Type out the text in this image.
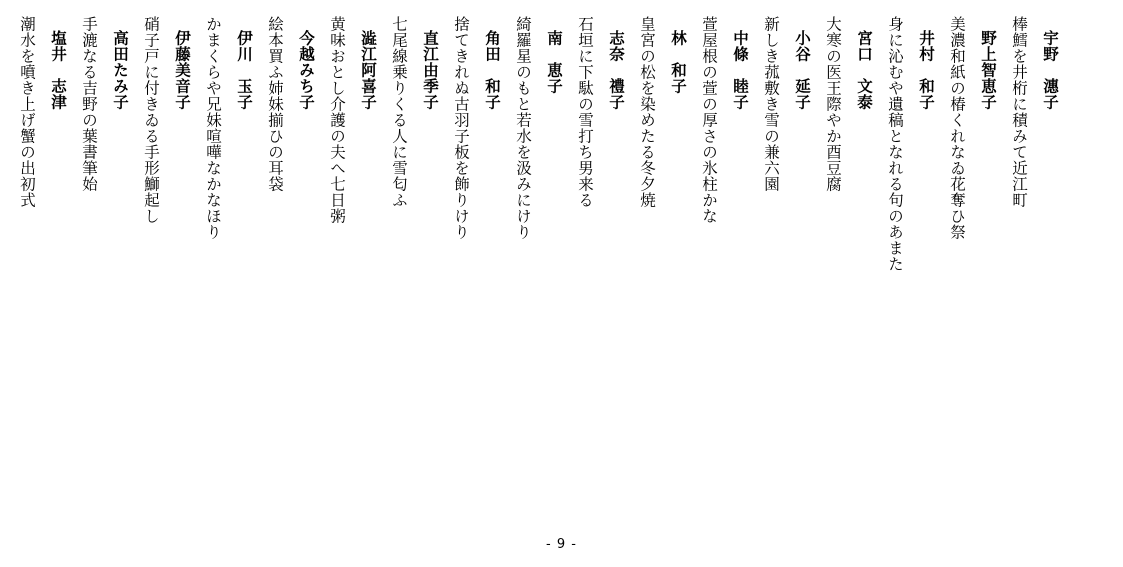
宇野　潓子
棒鱈を井桁に積みて近江町
野上智恵子
美濃和紙の椿くれなゐ花奪ひ祭
井村　和子
身に沁むや遺稿となれる句のあまた
宮口　文泰
大寒の医王際やか酉豆腐
小谷　延子
新しき菰敷き雪の兼六園
中條　睦子
萱屋根の萱の厚さの氷柱かな
林　和子
皇宮の松を染めたる冬夕焼
志奈　禮子
石垣に下駄の雪打ち男来る
南　恵子
綺羅星のもと若水を汲みにけり
角田　和子
捨てきれぬ古羽子板を飾りけり
直江由季子
七尾線乗りくる人に雪匂ふ
澁江阿喜子
黄味おとし介護の夫へ七日粥
今越みち子
絵本買ふ姉妹揃ひの耳袋
伊川　玉子
かまくらや兄妹喧嘩なかなほり
伊藤美音子
硝子戸に付きゐる手形鰤起し
高田たみ子
手漉なる吉野の葉書筆始
塩井　志津
潮水を噴き上げ蟹の出初式
- 9 -
